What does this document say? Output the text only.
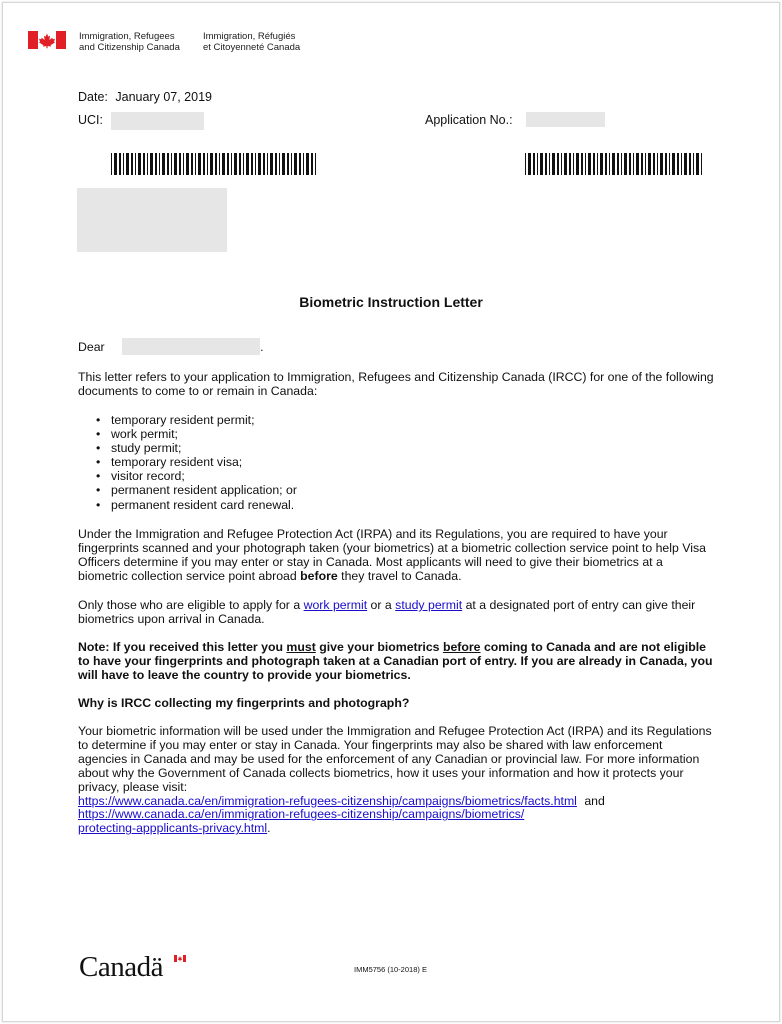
Immigration, Refugees
and Citizenship Canada
Immigration, Réfugiés
et Citoyenneté Canada
Date: January 07, 2019
UCI:	Application No.:
Biometric Instruction Letter
Dear	.
This letter refers to your application to Immigration, Refugees and Citizenship Canada (IRCC) for one of the following documents to come to or remain in Canada:
• temporary resident permit;
• work permit;
• study permit;
• temporary resident visa;
• visitor record;
• permanent resident application; or
• permanent resident card renewal.
Under the Immigration and Refugee Protection Act (IRPA) and its Regulations, you are required to have your fingerprints scanned and your photograph taken (your biometrics) at a biometric collection service point to help Visa Officers determine if you may enter or stay in Canada. Most applicants will need to give their biometrics at a biometric collection service point abroad before they travel to Canada.
Only those who are eligible to apply for a work permit or a study permit at a designated port of entry can give their biometrics upon arrival in Canada.
Note: If you received this letter you must give your biometrics before coming to Canada and are not eligible to have your fingerprints and photograph taken at a Canadian port of entry. If you are already in Canada, you will have to leave the country to provide your biometrics.
Why is IRCC collecting my fingerprints and photograph?
Your biometric information will be used under the Immigration and Refugee Protection Act (IRPA) and its Regulations to determine if you may enter or stay in Canada. Your fingerprints may also be shared with law enforcement agencies in Canada and may be used for the enforcement of any Canadian or provincial law. For more information about why the Government of Canada collects biometrics, how it uses your information and how it protects your privacy, please visit:
https://www.canada.ca/en/immigration-refugees-citizenship/campaigns/biometrics/facts.html and
https://www.canada.ca/en/immigration-refugees-citizenship/campaigns/biometrics/
protecting-appplicants-privacy.html.
Canadä	IMM5756 (10-2018) E
